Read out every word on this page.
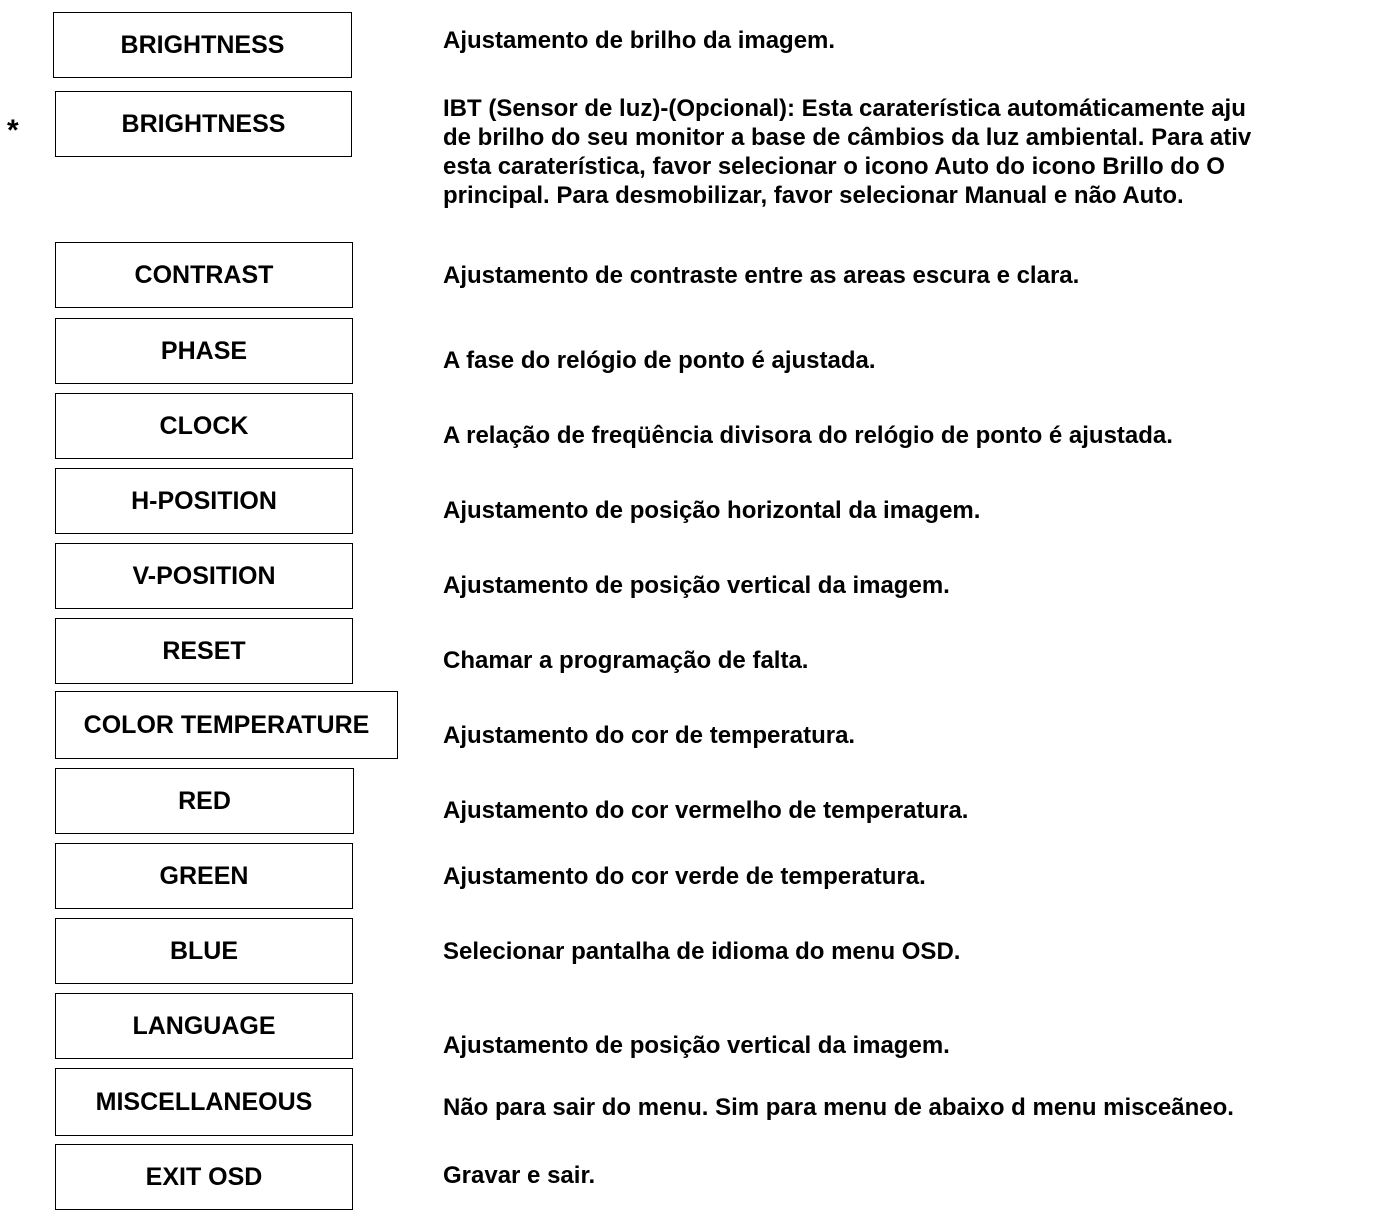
*
BRIGHTNESS
BRIGHTNESS
CONTRAST
PHASE
CLOCK
H-POSITION
V-POSITION
RESET
COLOR TEMPERATURE
RED
GREEN
BLUE
LANGUAGE
MISCELLANEOUS
EXIT OSD
Ajustamento de brilho da imagem.
IBT (Sensor de luz)-(Opcional): Esta caraterística automáticamente aju
de brilho do seu monitor a base de câmbios da luz ambiental. Para ativ
esta caraterística, favor selecionar o icono Auto do icono Brillo do O
principal. Para desmobilizar, favor selecionar Manual e não Auto.
Ajustamento de contraste entre as areas escura e clara.
A fase do relógio de ponto é ajustada.
A relação de freqüência divisora do relógio de ponto é ajustada.
Ajustamento de posição horizontal da imagem.
Ajustamento de posição vertical da imagem.
Chamar a programação de falta.
Ajustamento do cor de temperatura.
Ajustamento do cor vermelho de temperatura.
Ajustamento do cor verde de temperatura.
Selecionar pantalha de idioma do menu OSD.
Ajustamento de posição vertical da imagem.
Não para sair do menu. Sim para menu de abaixo d menu misceãneo.
Gravar e sair.
